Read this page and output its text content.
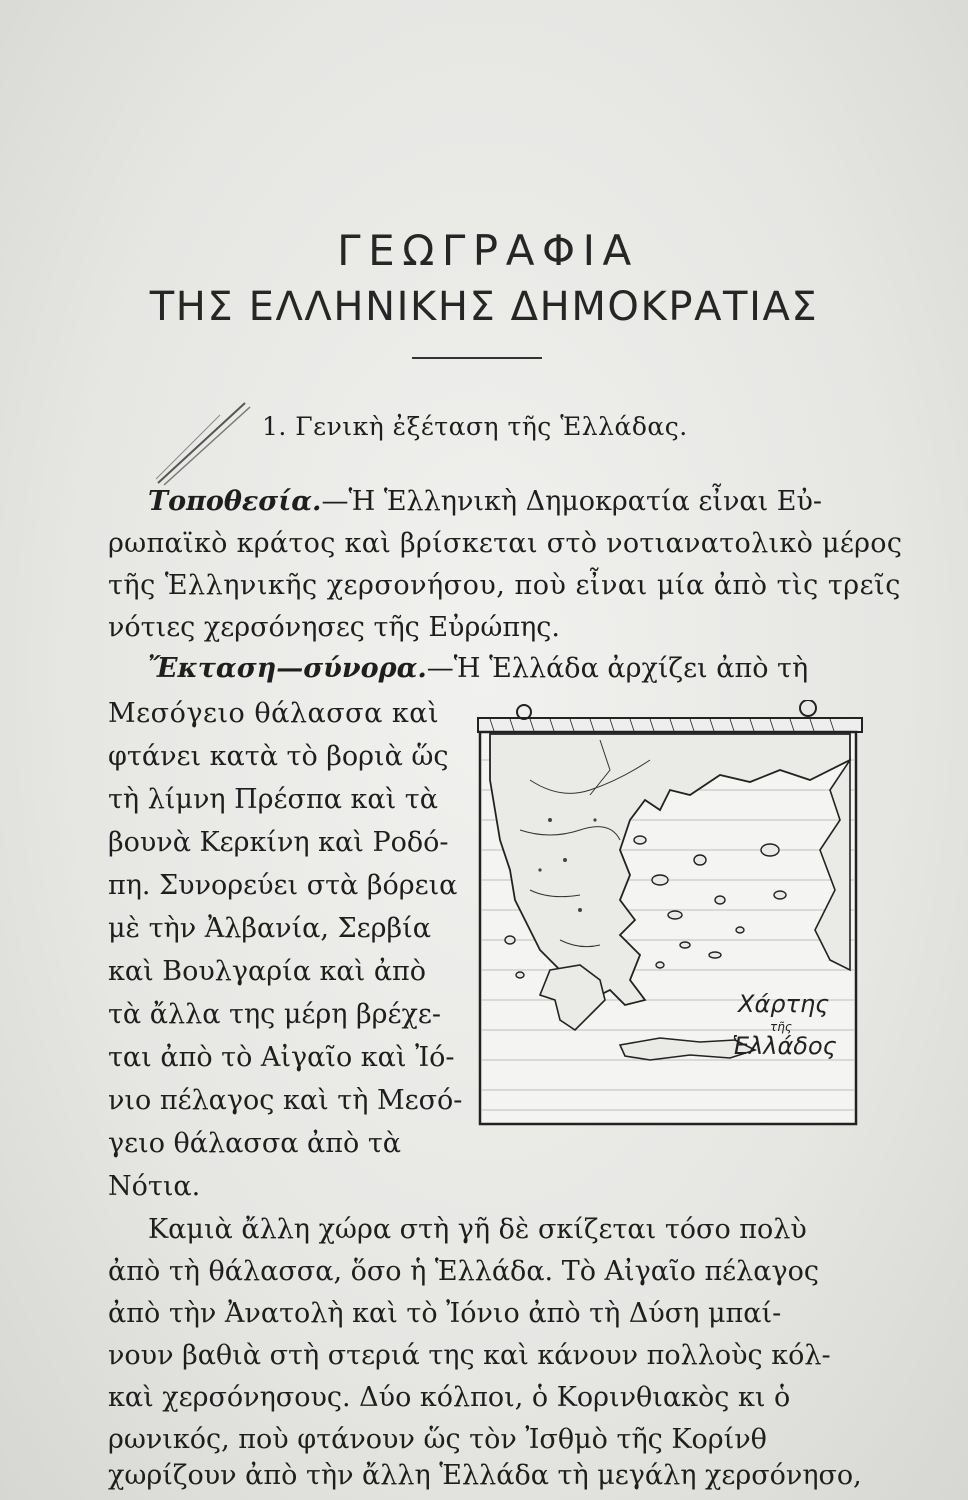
ΓΕΩΓΡΑΦΙΑ
ΤΗΣ ΕΛΛΗΝΙΚΗΣ ΔΗΜΟΚΡΑΤΙΑΣ
1. Γενικὴ ἐξέταση τῆς Ἑλλάδας.
Τοποθεσία.—Ἡ Ἑλληνικὴ Δημοκρατία εἶναι Εὐ-
ρωπαϊκὸ κράτος καὶ βρίσκεται στὸ νοτιανατολικὸ μέρος
τῆς Ἑλληνικῆς χερσονήσου, ποὺ εἶναι μία ἀπὸ τὶς τρεῖς
νότιες χερσόνησες τῆς Εὐρώπης.
Ἔκταση—σύνορα.—Ἡ Ἑλλάδα ἀρχίζει ἀπὸ τὴ
Μεσόγειο θάλασσα καὶ
φτάνει κατὰ τὸ βοριὰ ὥς
τὴ λίμνη Πρέσπα καὶ τὰ
βουνὰ Κερκίνη καὶ Ροδό-
πη. Συνορεύει στὰ βόρεια
μὲ τὴν Ἀλβανία, Σερβία
καὶ Βουλγαρία καὶ ἀπὸ
τὰ ἄλλα της μέρη βρέχε-
ται ἀπὸ τὸ Αἰγαῖο καὶ Ἰό-
νιο πέλαγος καὶ τὴ Μεσό-
γειο θάλασσα ἀπὸ τὰ
Νότια.
Χάρτης
τῆς
Ἑλλάδος
Καμιὰ ἄλλη χώρα στὴ γῆ δὲ σκίζεται τόσο πολὺ
ἀπὸ τὴ θάλασσα, ὅσο ἡ Ἑλλάδα. Τὸ Αἰγαῖο πέλαγος
ἀπὸ τὴν Ἀνατολὴ καὶ τὸ Ἰόνιο ἀπὸ τὴ Δύση μπαί-
νουν βαθιὰ στὴ στεριά της καὶ κάνουν πολλοὺς κόλ-
καὶ χερσόνησους. Δύο κόλποι, ὁ Κορινθιακὸς κι ὁ
ρωνικός, ποὺ φτάνουν ὥς τὸν Ἰσθμὸ τῆς Κορίνθ
χωρίζουν ἀπὸ τὴν ἄλλη Ἑλλάδα τὴ μεγάλη χερσόνησο,
